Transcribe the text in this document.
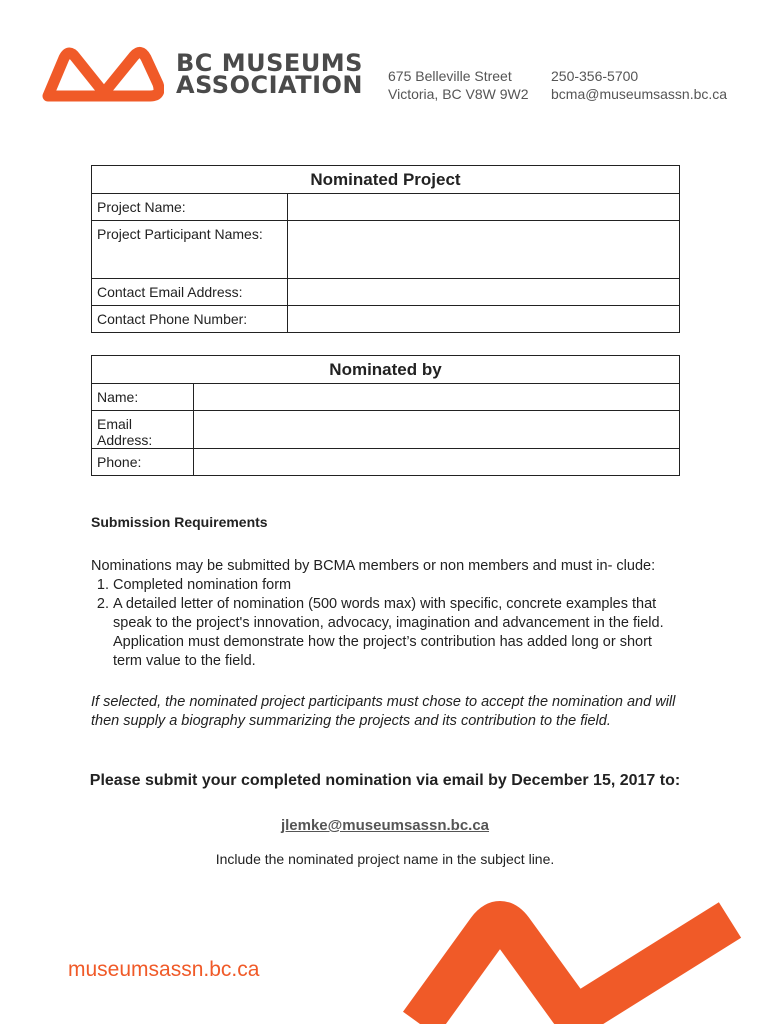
BC MUSEUMS
ASSOCIATION 675 Belleville Street
Victoria, BC V8W 9W2
250-356-5700
bcma@museumsassn.bc.ca
Nominated Project	
Project Name:	
Project Participant Names:	
Contact Email Address:	
Contact Phone Number:	
Nominated by	
Name:	
Email Address:	
Phone:	
Submission Requirements

Nominations may be submitted by BCMA members or non members and must in- clude:

1. Completed nomination form
2. A detailed letter of nomination (500 words max) with specific, concrete examples that speak to the project's innovation, advocacy, imagination and advancement in the field. Application must demonstrate how the project’s contribution has added long or short term value to the field.

If selected, the nominated project participants must chose to accept the nomination and will then supply a biography summarizing the projects and its contribution to the field.

Please submit your completed nomination via email by December 15, 2017 to:
jlemke@museumsassn.bc.ca
Include the nominated project name in the subject line.
museumsassn.bc.ca
